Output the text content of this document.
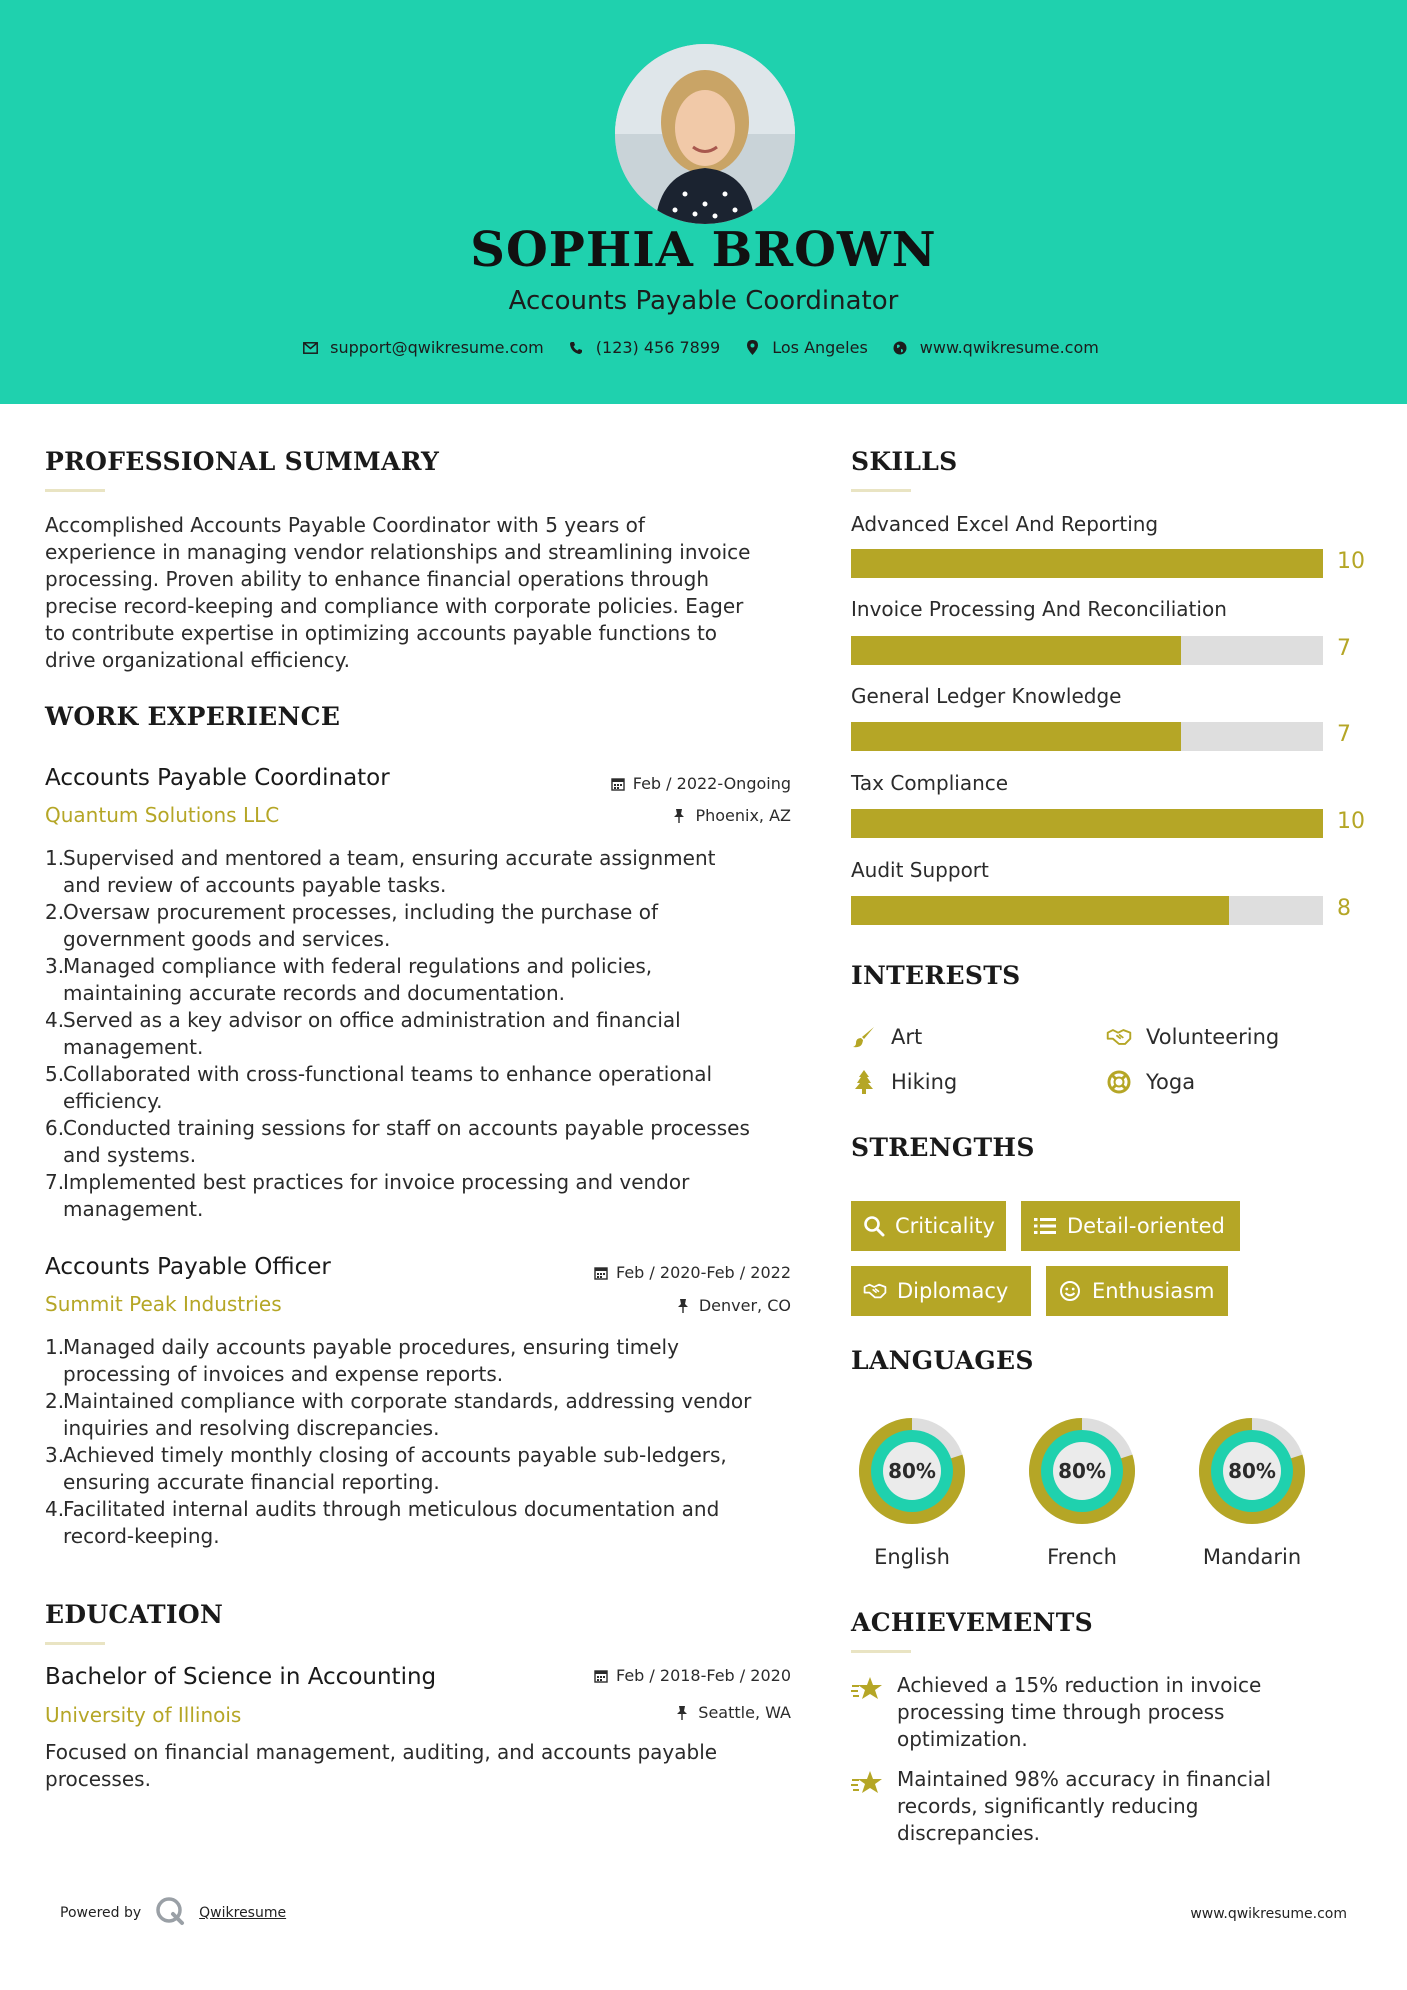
SOPHIA BROWN
Accounts Payable Coordinator
support@qwikresume.com	(123) 456 7899	Los Angeles	www.qwikresume.com
PROFESSIONAL SUMMARY
Accomplished Accounts Payable Coordinator with 5 years of
experience in managing vendor relationships and streamlining invoice
processing. Proven ability to enhance financial operations through
precise record-keeping and compliance with corporate policies. Eager
to contribute expertise in optimizing accounts payable functions to
drive organizational efficiency.
WORK EXPERIENCE
Accounts Payable Coordinator
Quantum Solutions LLC
Feb / 2022-Ongoing
Phoenix, AZ
1.
Supervised and mentored a team, ensuring accurate assignment
and review of accounts payable tasks.
2.
Oversaw procurement processes, including the purchase of
government goods and services.
3.
Managed compliance with federal regulations and policies,
maintaining accurate records and documentation.
4.
Served as a key advisor on office administration and financial
management.
5.
Collaborated with cross-functional teams to enhance operational
efficiency.
6.
Conducted training sessions for staff on accounts payable processes
and systems.
7.
Implemented best practices for invoice processing and vendor
management.
Accounts Payable Officer
Summit Peak Industries
Feb / 2020-Feb / 2022
Denver, CO
1.
Managed daily accounts payable procedures, ensuring timely
processing of invoices and expense reports.
2.
Maintained compliance with corporate standards, addressing vendor
inquiries and resolving discrepancies.
3.
Achieved timely monthly closing of accounts payable sub-ledgers,
ensuring accurate financial reporting.
4.
Facilitated internal audits through meticulous documentation and
record-keeping.
EDUCATION
Bachelor of Science in Accounting
University of Illinois
Feb / 2018-Feb / 2020
Seattle, WA
Focused on financial management, auditing, and accounts payable
processes.
SKILLS
Advanced Excel And Reporting
10
Invoice Processing And Reconciliation
7
General Ledger Knowledge
7
Tax Compliance
10
Audit Support
8
INTERESTS
Art	Volunteering
Hiking	Yoga
STRENGTHS
Criticality	Detail-oriented
Diplomacy	Enthusiasm
LANGUAGES
80%
English
80%
French
80%
Mandarin
ACHIEVEMENTS
Achieved a 15% reduction in invoice
processing time through process
optimization.
Maintained 98% accuracy in financial
records, significantly reducing
discrepancies.
Powered by	Qwikresume	www.qwikresume.com
